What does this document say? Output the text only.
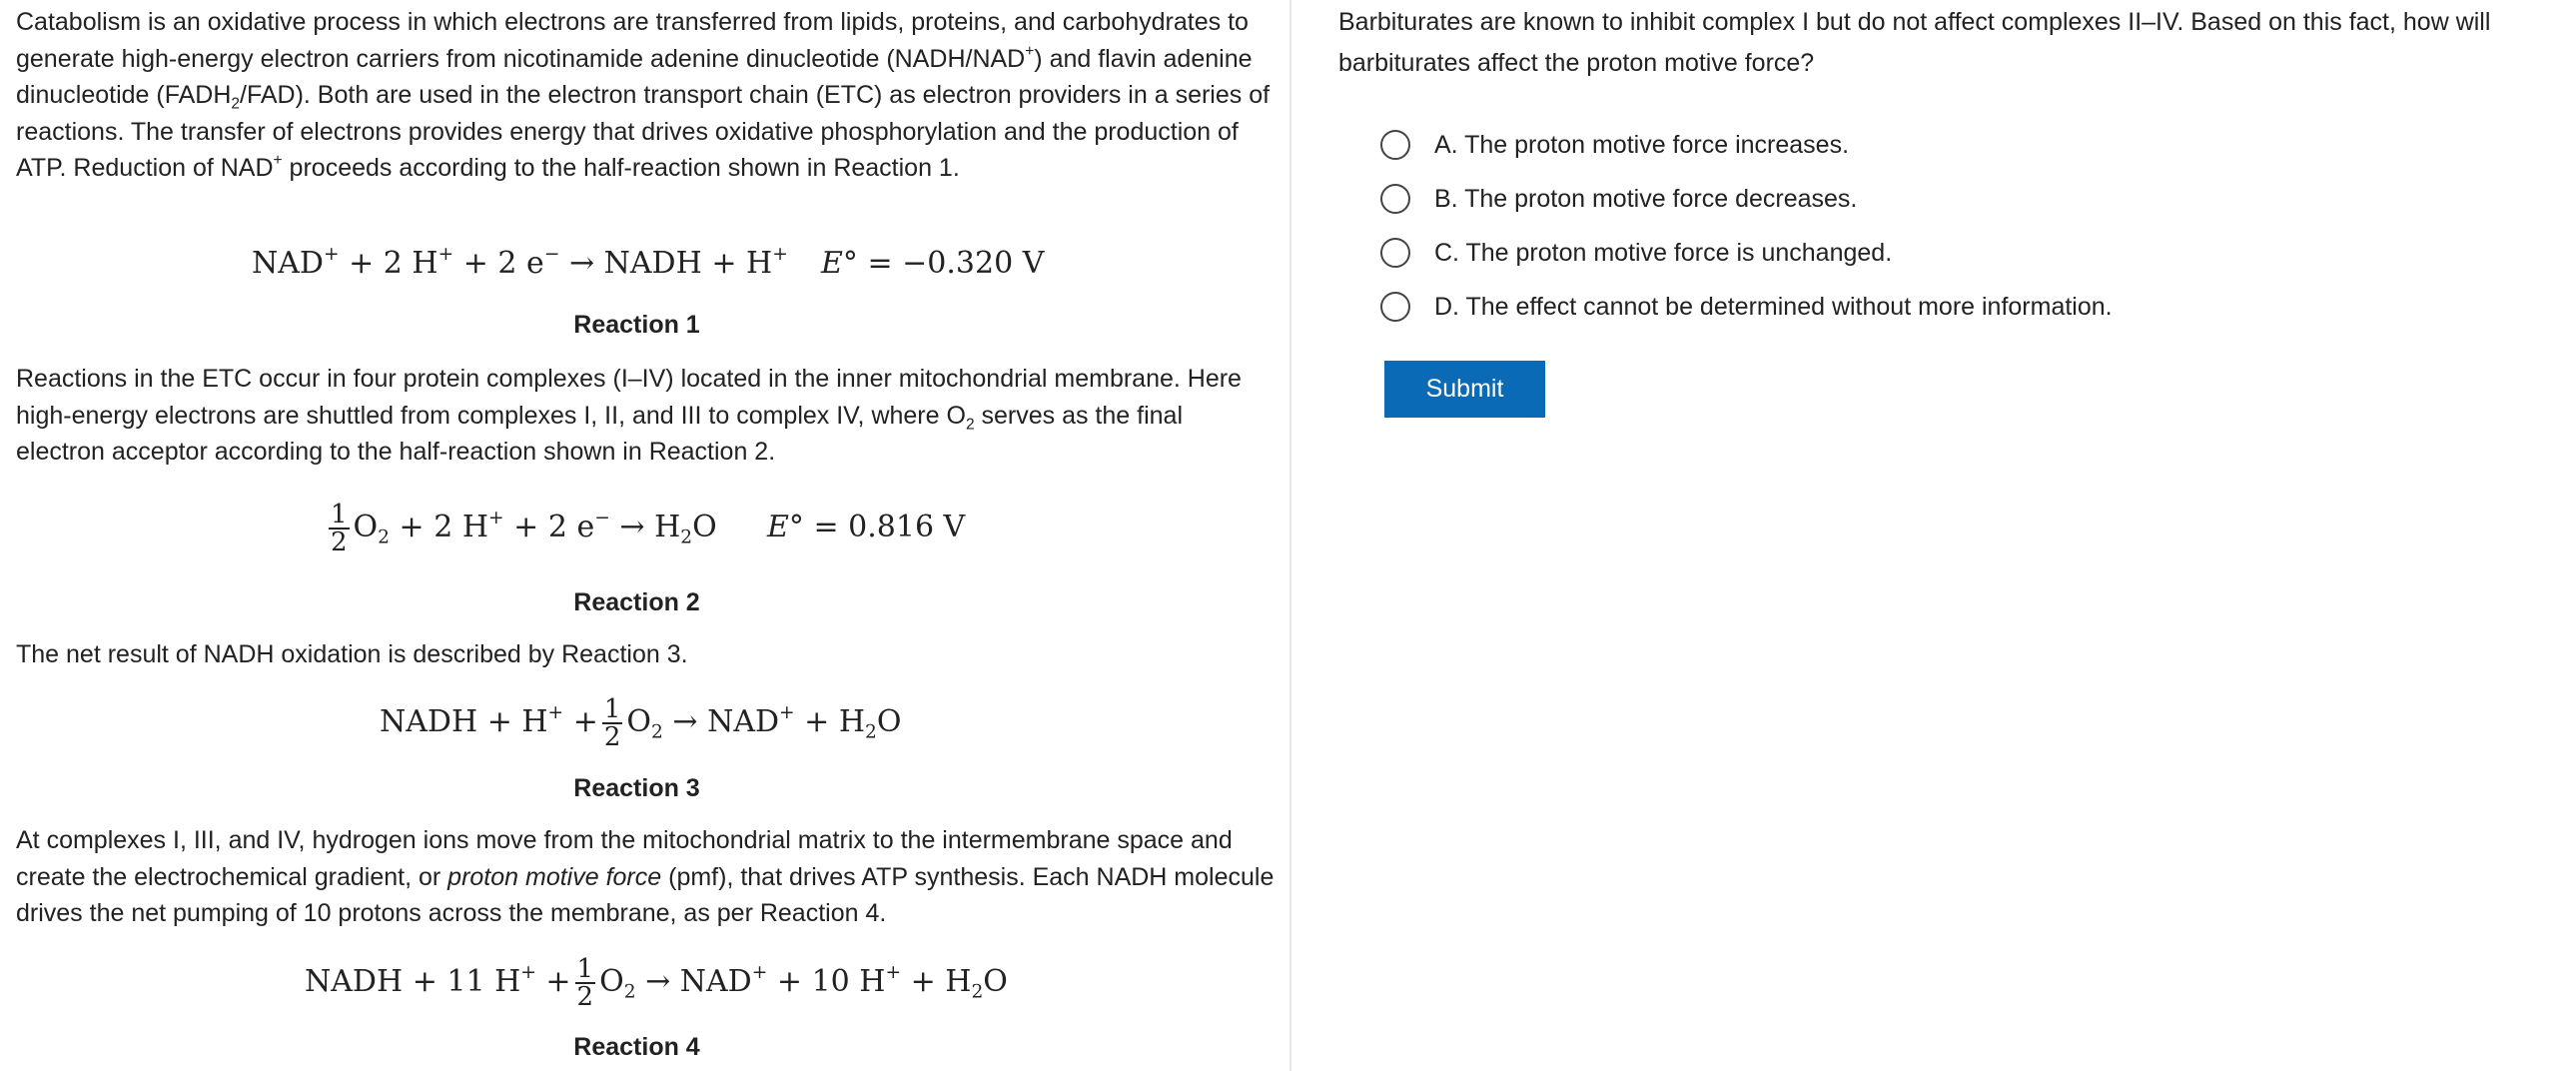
Catabolism is an oxidative process in which electrons are transferred from lipids, proteins, and carbohydrates to generate high-energy electron carriers from nicotinamide adenine dinucleotide (NADH/NAD+) and flavin adenine dinucleotide $(FADH_2/FAD)$. Both are used in the electron transport chain (ETC) as electron providers in a series of reactions. The transfer of electrons provides energy that drives oxidative phosphorylation and the production of ATP. Reduction of NAD+ proceeds according to the half-reaction shown in Reaction 1.

NAD+ + 2 H+ + 2 e− → NADH + H+ E° = −0.320 V
Reaction 1

Reactions in the ETC occur in four protein complexes (I–IV) located in the inner mitochondrial membrane. Here high-energy electrons are shuttled from complexes I, II, and III to complex IV, where $O_2$ serves as the final electron acceptor according to the half-reaction shown in Reaction 2.

$\frac{1}{2} O_2 + 2$ H+ + 2 $e^- \to H_2O$ E° = 0.816 V
Reaction 2

The net result of NADH oxidation is described by Reaction 3.

NADH + $H^+ + \frac{1}{2} O_2 \to NAD^+ + H_2O$
Reaction 3

At complexes I, III, and IV, hydrogen ions move from the mitochondrial matrix to the intermembrane space and create the electrochemical gradient, or proton motive force (pmf), that drives ATP synthesis. Each NADH molecule drives the net pumping of 10 protons across the membrane, as per Reaction 4.

NADH + 11 $H^+ + \frac{1}{2} O_2 \to NAD^+ + 10$ $H^+ + H_2O$
Reaction 4

Barbiturates are known to inhibit complex I but do not affect complexes II–IV. Based on this fact, how will barbiturates affect the proton motive force?

A. The proton motive force increases.
B. The proton motive force decreases.
C. The proton motive force is unchanged.
D. The effect cannot be determined without more information.
Submit
